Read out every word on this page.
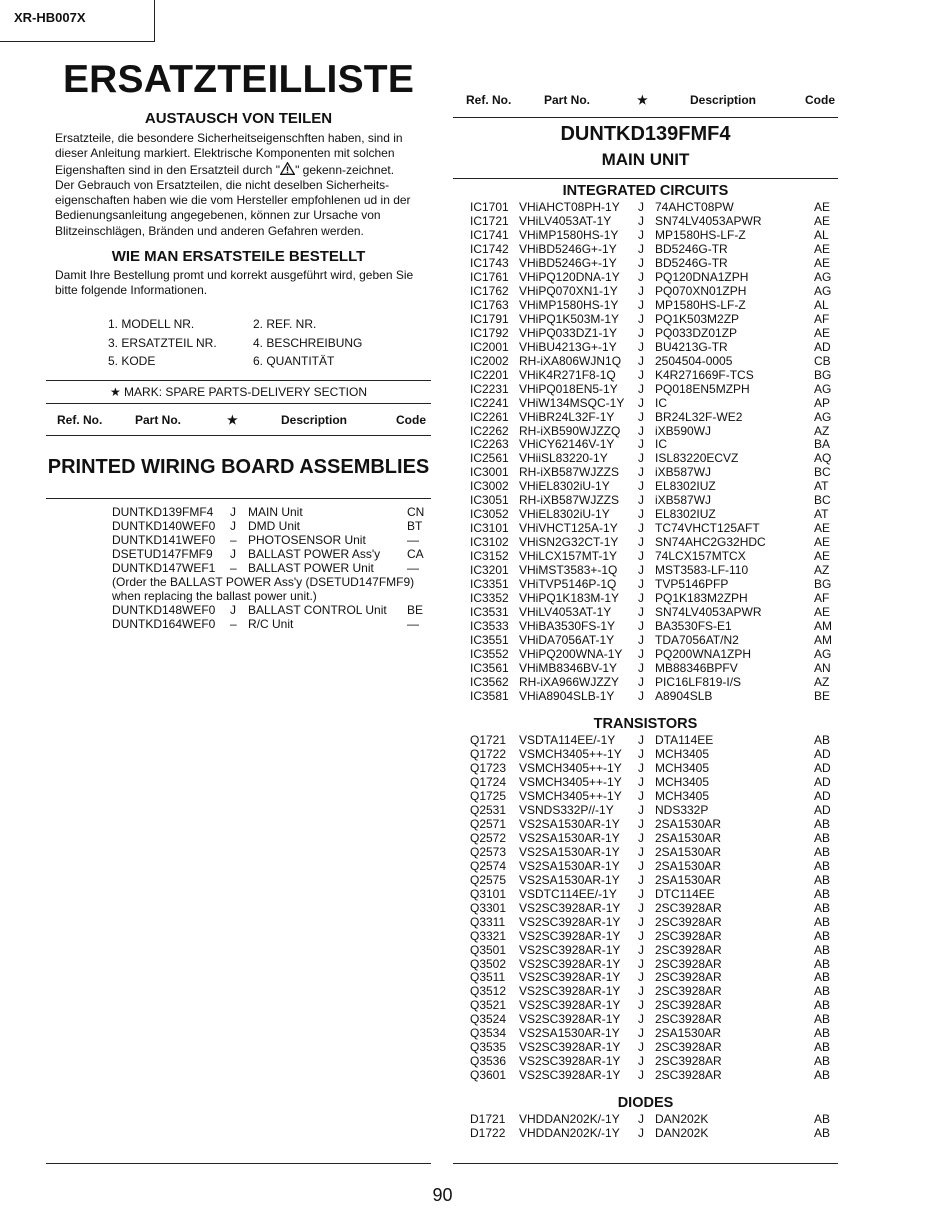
XR-HB007X
ERSATZTEILLISTE
AUSTAUSCH VON TEILEN
Ersatzteile, die besondere Sicherheitseigenschften haben, sind in
dieser Anleitung markiert. Elektrische Komponenten mit solchen
Eigenshaften sind in den Ersatzteil durch " " gekenn-zeichnet.
Der Gebrauch von Ersatzteilen, die nicht deselben Sicherheits-
eigenschaften haben wie die vom Hersteller empfohlenen ud in der
Bedienungsanleitung angegebenen, können zur Ursache von
Blitzeinschlägen, Bränden und anderen Gefahren werden.
WIE MAN ERSATSTEILE BESTELLT
Damit Ihre Bestellung promt und korrekt ausgeführt wird, geben Sie
bitte folgende Informationen.
1. MODELL NR.	2. REF. NR.
3. ERSATZTEIL NR.	4. BESCHREIBUNG
5. KODE	6. QUANTITÄT
★ MARK: SPARE PARTS-DELIVERY SECTION
Ref. No.	Part No.	★	Description	Code
PRINTED WIRING BOARD ASSEMBLIES
DUNTKD139FMF4 J MAIN Unit	CN
DUNTKD140WEF0 J DMD Unit	BT
DUNTKD141WEF0 – PHOTOSENSOR Unit	—
DSETUD147FMF9 J BALLAST POWER Ass'y CA
DUNTKD147WEF1 – BALLAST POWER Unit	—
(Order the BALLAST POWER Ass'y (DSETUD147FMF9)
when replacing the ballast power unit.)
DUNTKD148WEF0 J BALLAST CONTROL Unit BE
DUNTKD164WEF0 – R/C Unit	—
Ref. No.	Part No.	★	Description	Code
DUNTKD139FMF4
MAIN UNIT
INTEGRATED CIRCUITS
IC1701 VHiAHCT08PH-1Y J 74AHCT08PW	AE
IC1721 VHiLV4053AT-1Y J SN74LV4053APWR	AE
IC1741 VHiMP1580HS-1Y J MP1580HS-LF-Z	AL
IC1742 VHiBD5246G+-1Y J BD5246G-TR	AE
IC1743 VHiBD5246G+-1Y J BD5246G-TR	AE
IC1761 VHiPQ120DNA-1Y J PQ120DNA1ZPH	AG
IC1762 VHiPQ070XN1-1Y J PQ070XN01ZPH	AG
IC1763 VHiMP1580HS-1Y J MP1580HS-LF-Z	AL
IC1791 VHiPQ1K503M-1Y J PQ1K503M2ZP	AF
IC1792 VHiPQ033DZ1-1Y J PQ033DZ01ZP	AE
IC2001 VHiBU4213G+-1Y J BU4213G-TR	AD
IC2002 RH-iXA806WJN1Q J 2504504-0005	CB
IC2201 VHiK4R271F8-1Q J K4R271669F-TCS	BG
IC2231 VHiPQ018EN5-1Y J PQ018EN5MZPH	AG
IC2241 VHiW134MSQC-1Y J IC	AP
IC2261 VHiBR24L32F-1Y J BR24L32F-WE2	AG
IC2262 RH-iXB590WJZZQ J iXB590WJ	AZ
IC2263 VHiCY62146V-1Y J IC	BA
IC2561 VHiiSL83220-1Y	J ISL83220ECVZ	AQ
IC3001 RH-iXB587WJZZS J iXB587WJ	BC
IC3002 VHiEL8302iU-1Y J EL8302IUZ	AT
IC3051 RH-iXB587WJZZS J iXB587WJ	BC
IC3052 VHiEL8302iU-1Y J EL8302IUZ	AT
IC3101 VHiVHCT125A-1Y J TC74VHCT125AFT	AE
IC3102 VHiSN2G32CT-1Y J SN74AHC2G32HDC	AE
IC3152 VHiLCX157MT-1Y J 74LCX157MTCX	AE
IC3201 VHiMST3583+-1Q J MST3583-LF-110	AZ
IC3351 VHiTVP5146P-1Q J TVP5146PFP	BG
IC3352 VHiPQ1K183M-1Y J PQ1K183M2ZPH	AF
IC3531 VHiLV4053AT-1Y J SN74LV4053APWR	AE
IC3533 VHiBA3530FS-1Y J BA3530FS-E1	AM
IC3551 VHiDA7056AT-1Y J TDA7056AT/N2	AM
IC3552 VHiPQ200WNA-1Y J PQ200WNA1ZPH	AG
IC3561 VHiMB8346BV-1Y J MB88346BPFV	AN
IC3562 RH-iXA966WJZZY J PIC16LF819-I/S	AZ
IC3581 VHiA8904SLB-1Y J A8904SLB	BE
TRANSISTORS
Q1721 VSDTA114EE/-1Y J DTA114EE	AB
Q1722 VSMCH3405++-1Y J MCH3405	AD
Q1723 VSMCH3405++-1Y J MCH3405	AD
Q1724 VSMCH3405++-1Y J MCH3405	AD
Q1725 VSMCH3405++-1Y J MCH3405	AD
Q2531 VSNDS332P//-1Y J NDS332P	AD
Q2571 VS2SA1530AR-1Y J 2SA1530AR	AB
Q2572 VS2SA1530AR-1Y J 2SA1530AR	AB
Q2573 VS2SA1530AR-1Y J 2SA1530AR	AB
Q2574 VS2SA1530AR-1Y J 2SA1530AR	AB
Q2575 VS2SA1530AR-1Y J 2SA1530AR	AB
Q3101 VSDTC114EE/-1Y J DTC114EE	AB
Q3301 VS2SC3928AR-1Y J 2SC3928AR	AB
Q3311 VS2SC3928AR-1Y J 2SC3928AR	AB
Q3321 VS2SC3928AR-1Y J 2SC3928AR	AB
Q3501 VS2SC3928AR-1Y J 2SC3928AR	AB
Q3502 VS2SC3928AR-1Y J 2SC3928AR	AB
Q3511 VS2SC3928AR-1Y J 2SC3928AR	AB
Q3512 VS2SC3928AR-1Y J 2SC3928AR	AB
Q3521 VS2SC3928AR-1Y J 2SC3928AR	AB
Q3524 VS2SC3928AR-1Y J 2SC3928AR	AB
Q3534 VS2SA1530AR-1Y J 2SA1530AR	AB
Q3535 VS2SC3928AR-1Y J 2SC3928AR	AB
Q3536 VS2SC3928AR-1Y J 2SC3928AR	AB
Q3601 VS2SC3928AR-1Y J 2SC3928AR	AB
DIODES
D1721 VHDDAN202K/-1Y J DAN202K	AB
D1722 VHDDAN202K/-1Y J DAN202K	AB
90
